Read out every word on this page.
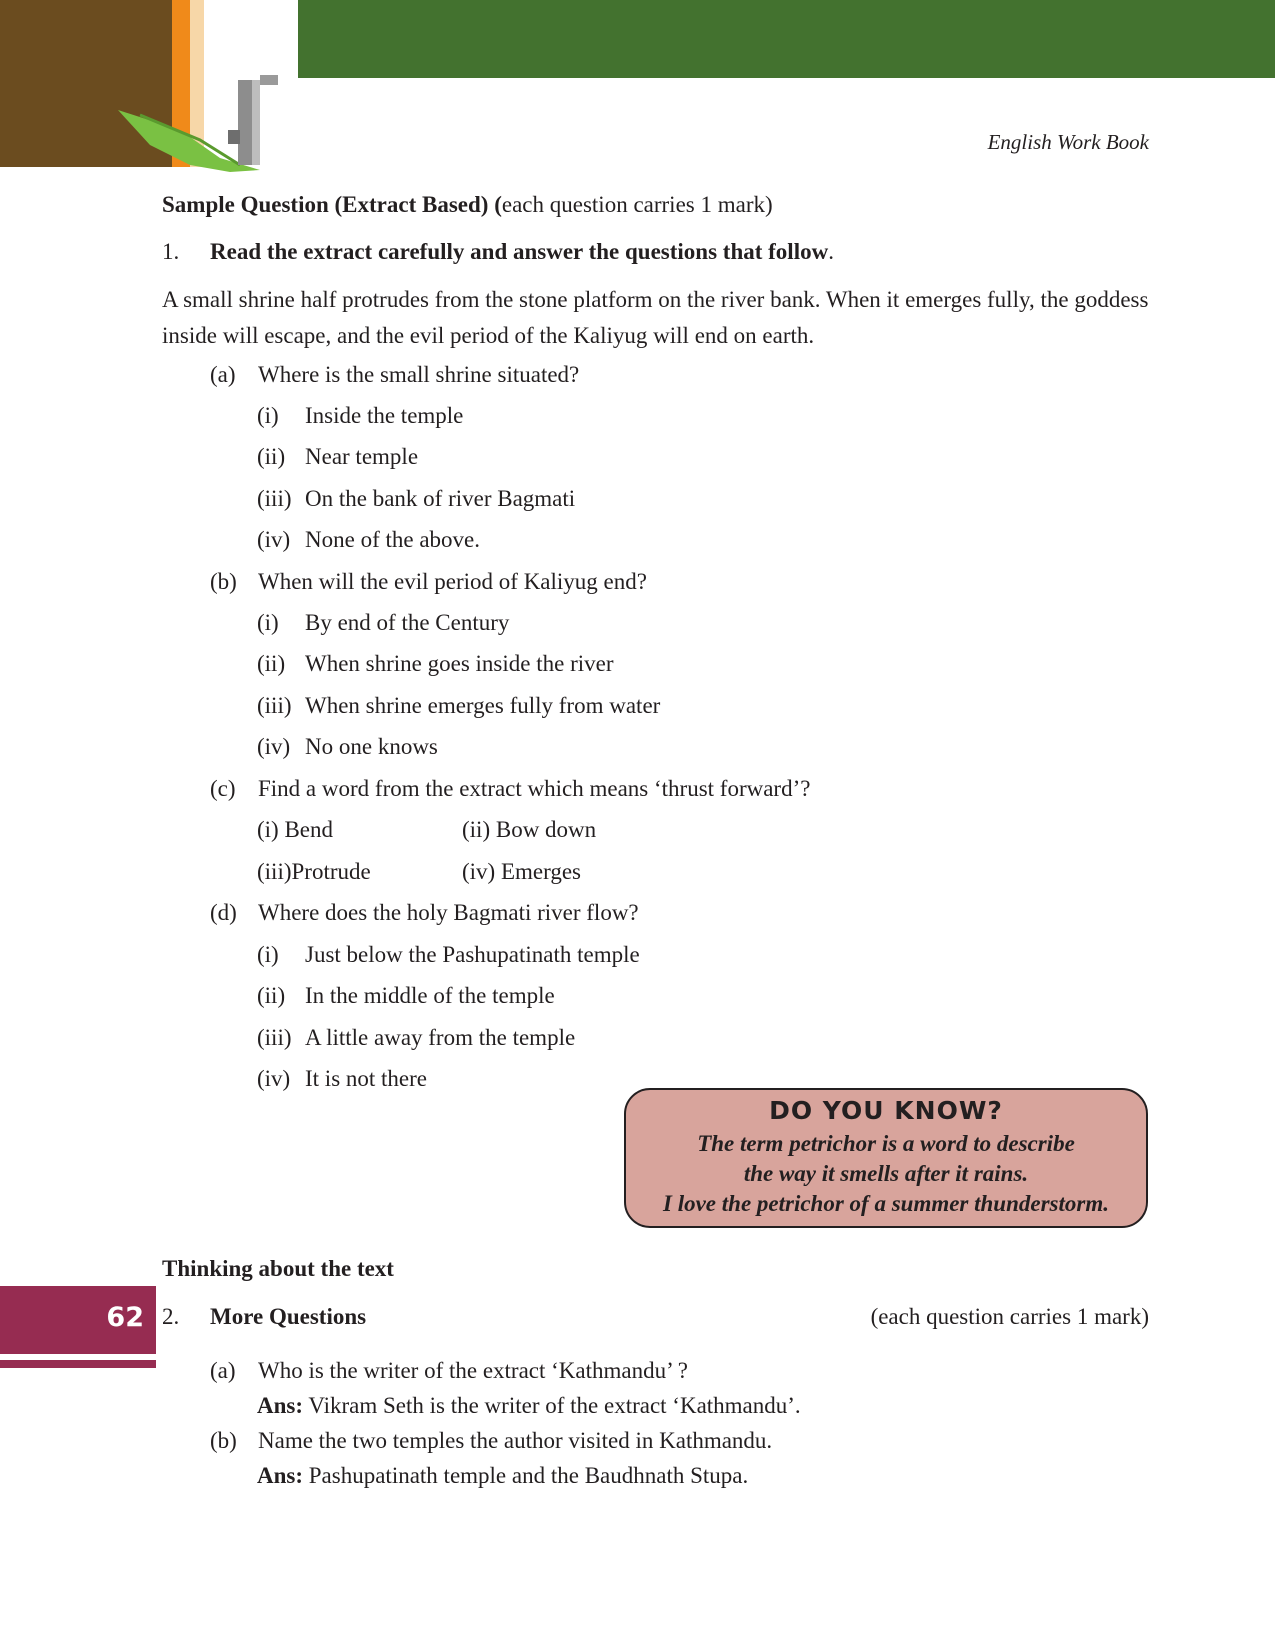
English Work Book
Sample Question (Extract Based) (each question carries 1 mark)
1. Read the extract carefully and answer the questions that follow.
A small shrine half protrudes from the stone platform on the river bank. When it emerges fully, the goddess inside will escape, and the evil period of the Kaliyug will end on earth.
(a) Where is the small shrine situated?
(i) Inside the temple
(ii) Near temple
(iii) On the bank of river Bagmati
(iv) None of the above.
(b) When will the evil period of Kaliyug end?
(i) By end of the Century
(ii) When shrine goes inside the river
(iii) When shrine emerges fully from water
(iv) No one knows
(c) Find a word from the extract which means ‘thrust forward’?
(i) Bend	(ii) Bow down
(iii)Protrude	(iv) Emerges
(d) Where does the holy Bagmati river flow?
(i) Just below the Pashupatinath temple
(ii) In the middle of the temple
(iii) A little away from the temple
(iv) It is not there
DO YOU KNOW?
The term petrichor is a word to describe
the way it smells after it rains.
I love the petrichor of a summer thunderstorm.
Thinking about the text
62 2. More Questions	(each question carries 1 mark)
(a) Who is the writer of the extract ‘Kathmandu’ ?
Ans: Vikram Seth is the writer of the extract ‘Kathmandu’.
(b) Name the two temples the author visited in Kathmandu.
Ans: Pashupatinath temple and the Baudhnath Stupa.
